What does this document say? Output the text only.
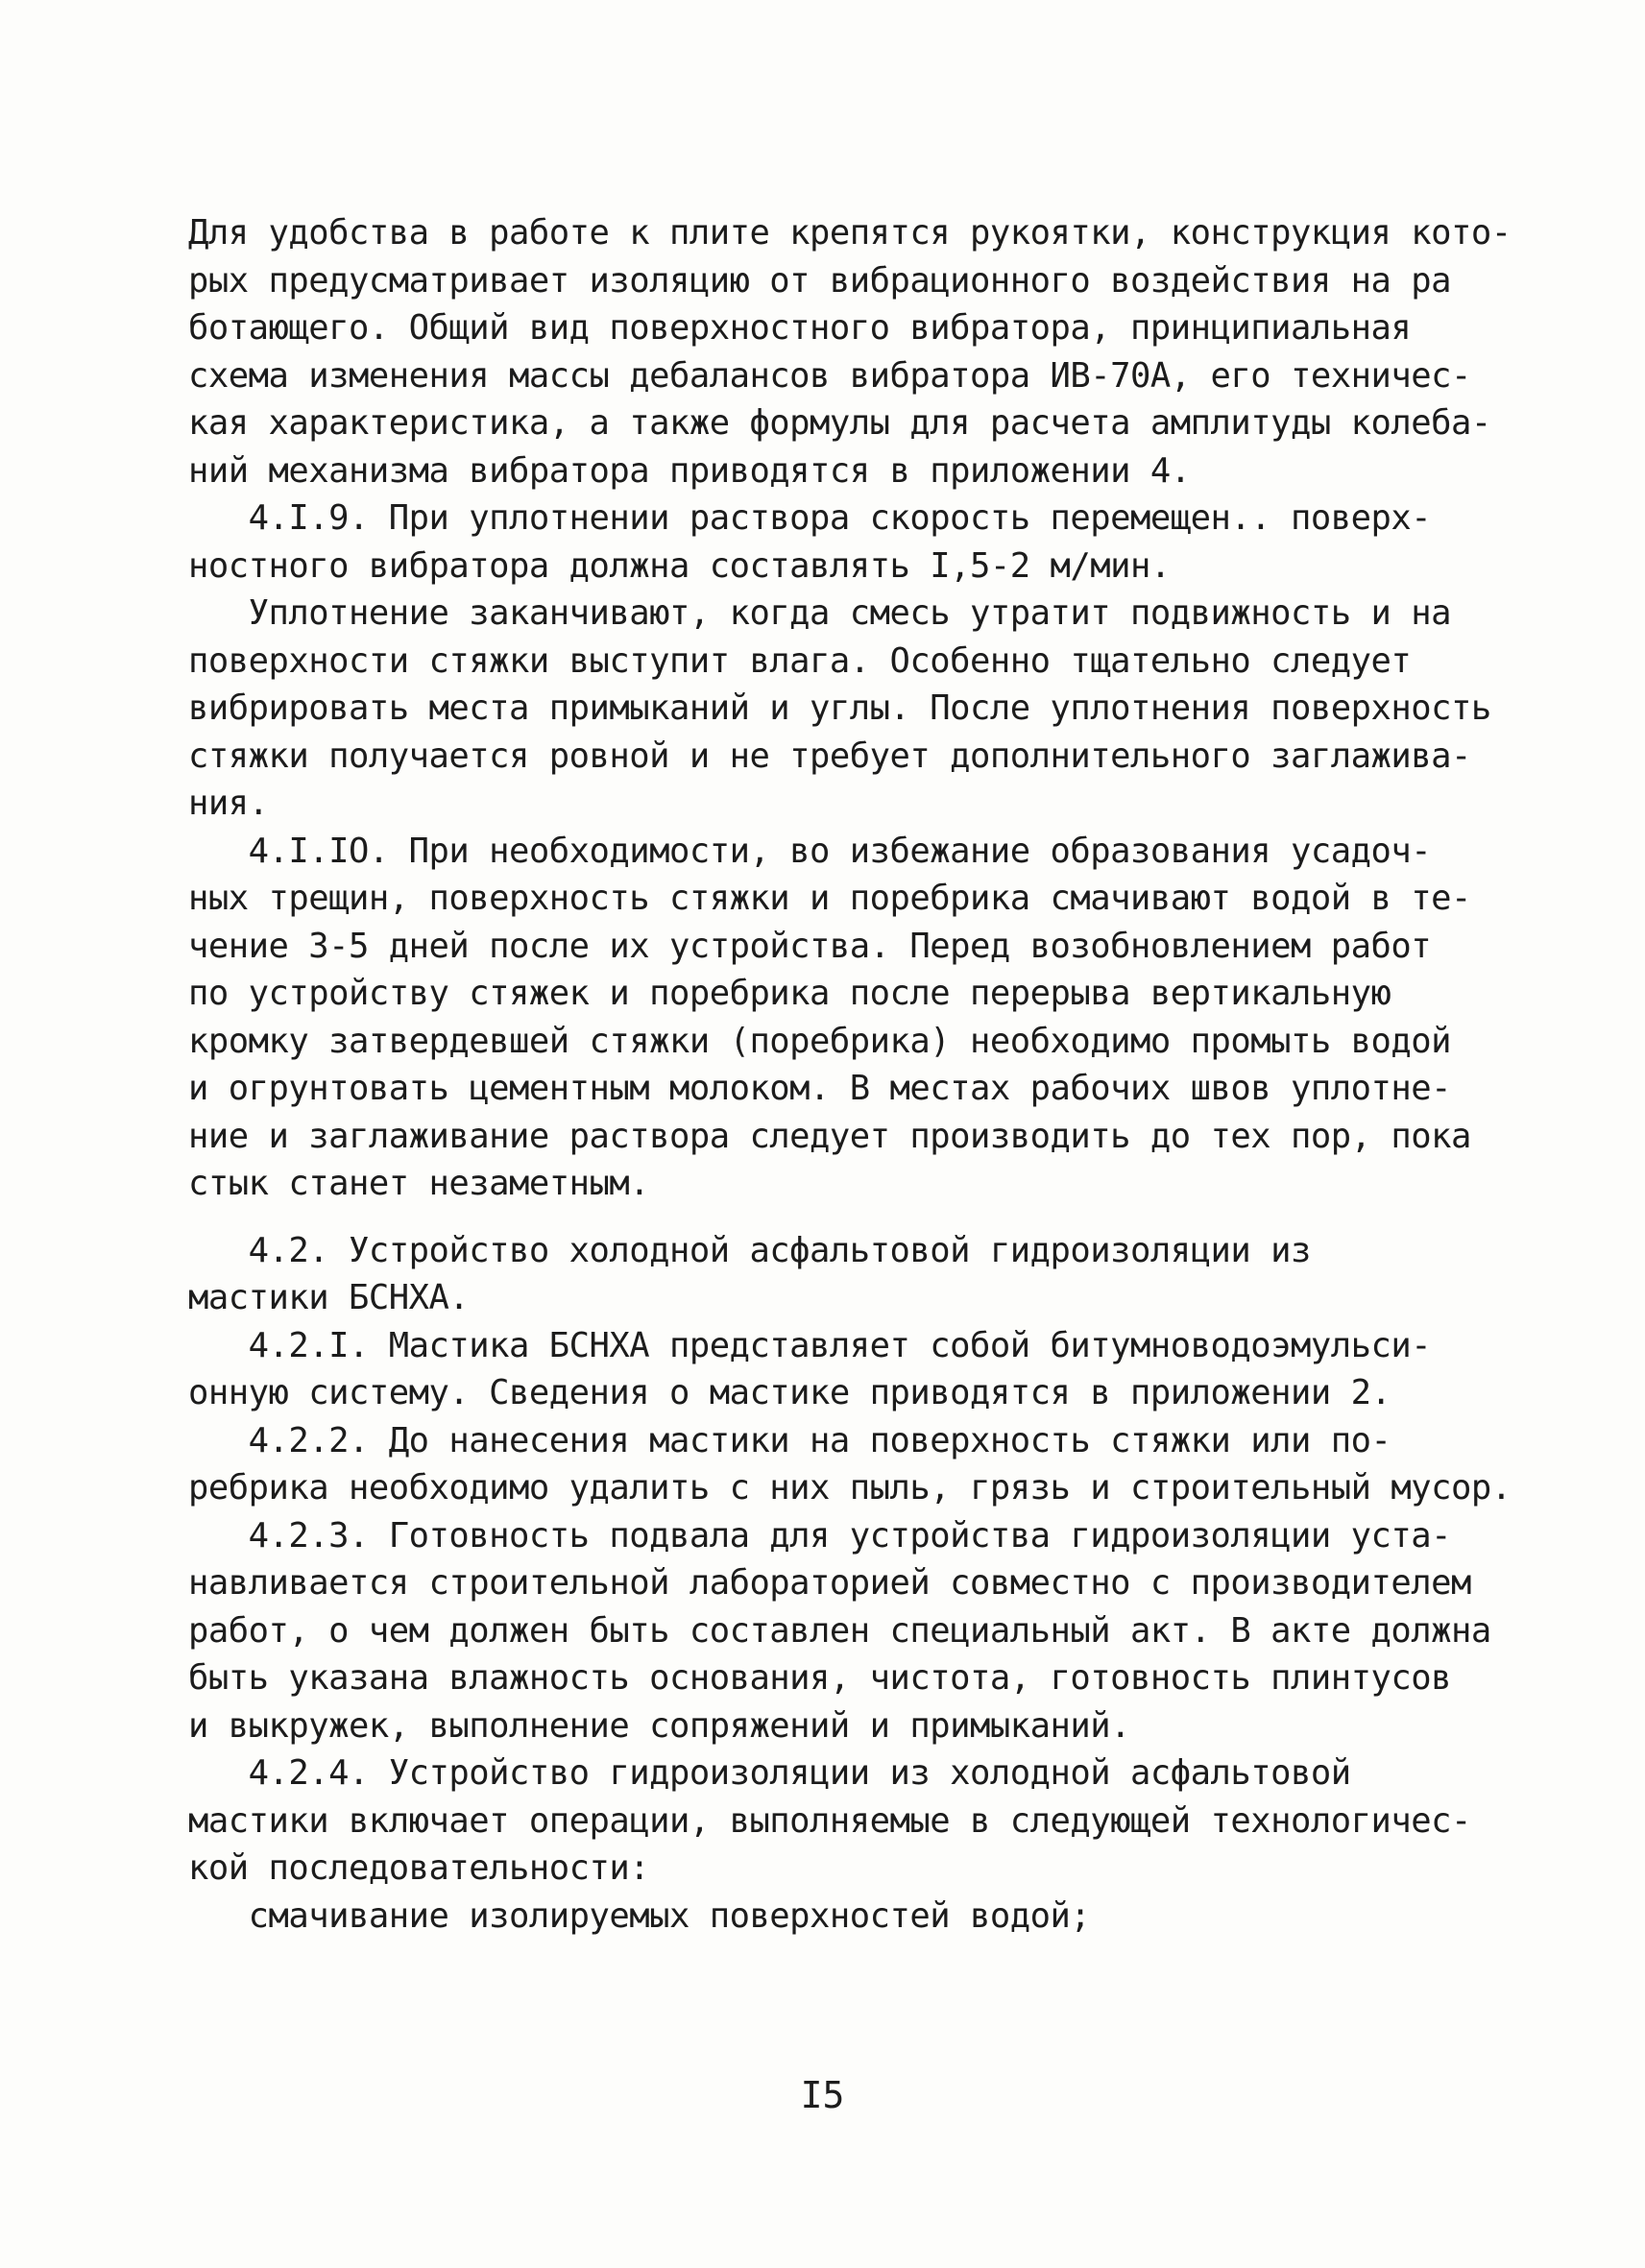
Для удобства в работе к плите крепятся рукоятки, конструкция кото-
рых предусматривает изоляцию от вибрационного воздействия на ра
ботающего. Общий вид поверхностного вибратора, принципиальная
схема изменения массы дебалансов вибратора ИВ-70А, его техничес-
кая характеристика, а также формулы для расчета амплитуды колеба-
ний механизма вибратора приводятся в приложении 4.
4.I.9. При уплотнении раствора скорость перемещен.. поверх-
ностного вибратора должна составлять I,5-2 м/мин.
Уплотнение заканчивают, когда смесь утратит подвижность и на
поверхности стяжки выступит влага. Особенно тщательно следует
вибрировать места примыканий и углы. После уплотнения поверхность
стяжки получается ровной и не требует дополнительного заглажива-
ния.
4.I.IO. При необходимости, во избежание образования усадоч-
ных трещин, поверхность стяжки и поребрика смачивают водой в те-
чение 3-5 дней после их устройства. Перед возобновлением работ
по устройству стяжек и поребрика после перерыва вертикальную
кромку затвердевшей стяжки (поребрика) необходимо промыть водой
и огрунтовать цементным молоком. В местах рабочих швов уплотне-
ние и заглаживание раствора следует производить до тех пор, пока
стык станет незаметным.
4.2. Устройство холодной асфальтовой гидроизоляции из
мастики БСНХА.
4.2.I. Мастика БСНХА представляет собой битумноводоэмульси-
онную систему. Сведения о мастике приводятся в приложении 2.
4.2.2. До нанесения мастики на поверхность стяжки или по-
ребрика необходимо удалить с них пыль, грязь и строительный мусор.
4.2.3. Готовность подвала для устройства гидроизоляции уста-
навливается строительной лабораторией совместно с производителем
работ, о чем должен быть составлен специальный акт. В акте должна
быть указана влажность основания, чистота, готовность плинтусов
и выкружек, выполнение сопряжений и примыканий.
4.2.4. Устройство гидроизоляции из холодной асфальтовой
мастики включает операции, выполняемые в следующей технологичес-
кой последовательности:
смачивание изолируемых поверхностей водой;
I5
